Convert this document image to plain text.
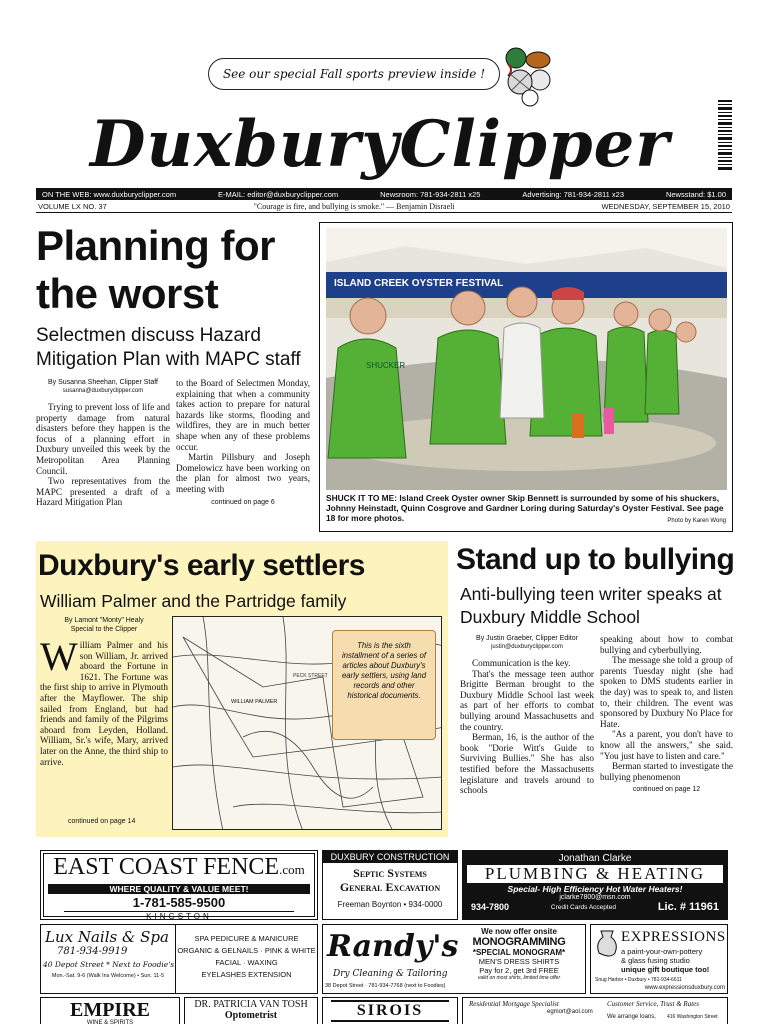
See our special Fall sports preview inside !
Duxbury Clipper
ON THE WEB: www.duxburyclipper.com	E-MAIL: editor@duxburyclipper.com	Newsroom: 781-934-2811 x25	Advertising: 781-934-2811 x23	Newsstand: $1.00
VOLUME LX NO. 37	"Courage is fire, and bullying is smoke." — Benjamin Disraeli	WEDNESDAY, SEPTEMBER 15, 2010
Planning for
the worst
Selectmen discuss Hazard Mitigation Plan with MAPC staff
By Susanna Sheehan, Clipper Staff
susanna@duxburyclipper.com

Trying to prevent loss of life and property damage from natural disasters before they happen is the focus of a planning effort in Duxbury unveiled this week by the Metropolitan Area Planning Council.

Two representatives from the MAPC presented a draft of a Hazard Mitigation Plan

to the Board of Selectmen Monday, explaining that when a community takes action to prepare for natural hazards like storms, flooding and wildfires, they are in much better shape when any of these problems occur.

Martin Pillsbury and Joseph Domelowicz have been working on the plan for almost two years, meeting with

continued on page 6
ISLAND CREEK OYSTER FESTIVAL
SHUCKER
SHUCK IT TO ME: Island Creek Oyster owner Skip Bennett is surrounded by some of his shuckers, Johnny Heinstadt, Quinn Cosgrove and Gardner Loring during Saturday's Oyster Festival. See page 18 for more photos.	Photo by Karen Wong
Duxbury's early settlers
William Palmer and the Partridge family
By Lamont "Monty" Healy
Special to the Clipper
W illiam Palmer and his son William, Jr. arrived aboard the Fortune in 1621. The Fortune was the first ship to arrive in Plymouth after the Mayflower. The ship sailed from England, but had friends and family of the Pilgrims aboard from Leyden, Holland. William, Sr.'s wife, Mary, arrived later on the Anne, the third ship to arrive.
continued on page 14
PECK STREET
WILLIAM PALMER
This is the sixth installment of a series of articles about Duxbury's early settlers, using land records and other historical documents.
Stand up to bullying
Anti-bullying teen writer speaks at Duxbury Middle School
By Justin Graeber, Clipper Editor
justin@duxburyclipper.com

Communication is the key.

That's the message teen author Brigitte Berman brought to the Duxbury Middle School last week as part of her efforts to combat bullying around Massachusetts and the country.

Berman, 16, is the author of the book "Dorie Witt's Guide to Surviving Bullies." She has also testified before the Massachusetts legislature and travels around to schools

speaking about how to combat bullying and cyberbullying.

The message she told a group of parents Tuesday night (she had spoken to DMS students earlier in the day) was to speak to, and listen to, their children. The event was sponsored by Duxbury No Place for Hate.

"As a parent, you don't have to know all the answers," she said. "You just have to listen and care."

Berman started to investigate the bullying phenomenon

continued on page 12
EAST COAST FENCE.com
WHERE QUALITY & VALUE MEET!
1-781-585-9500
KINGSTON
DUXBURY CONSTRUCTION
Septic Systems
General Excavation
Freeman Boynton • 934-0000
Jonathan Clarke
PLUMBING & HEATING
Special- High Efficiency Hot Water Heaters!
jclarke7800@msn.com
934-7800	Credit Cards Accepted	Lic. # 11961
Lux Nails & Spa
781-934-9919
40 Depot Street * Next to Foodie's
Mon.-Sat. 9-6 (Walk Ins Welcome) • Sun. 11-5
SPA PEDICURE & MANICURE
ORGANIC & GELNAILS · PINK & WHITE
FACIAL · WAXING
EYELASHES EXTENSION
Randy's
Dry Cleaning & Tailoring
38 Depot Street · 781-934-7768 (next to Foodies)
We now offer onsite
MONOGRAMMING
*SPECIAL MONOGRAM*
MEN'S DRESS SHIRTS
Pay for 2, get 3rd FREE
valid on most shirts, limited time offer
EXPRESSIONS
a paint-your-own-pottery
& glass fusing studio
unique gift boutique too!
Snug Harbor • Duxbury • 781-934-6611
www.expressionsduxbury.com
EMPIRE
WINE & SPIRITS
DR. PATRICIA VAN TOSH
Optometrist	SIROIS	Residential Mortgage Specialist
egmort@aol.com
Customer Service, Trust & Rates
We arrange loans, 416 Washington Street
